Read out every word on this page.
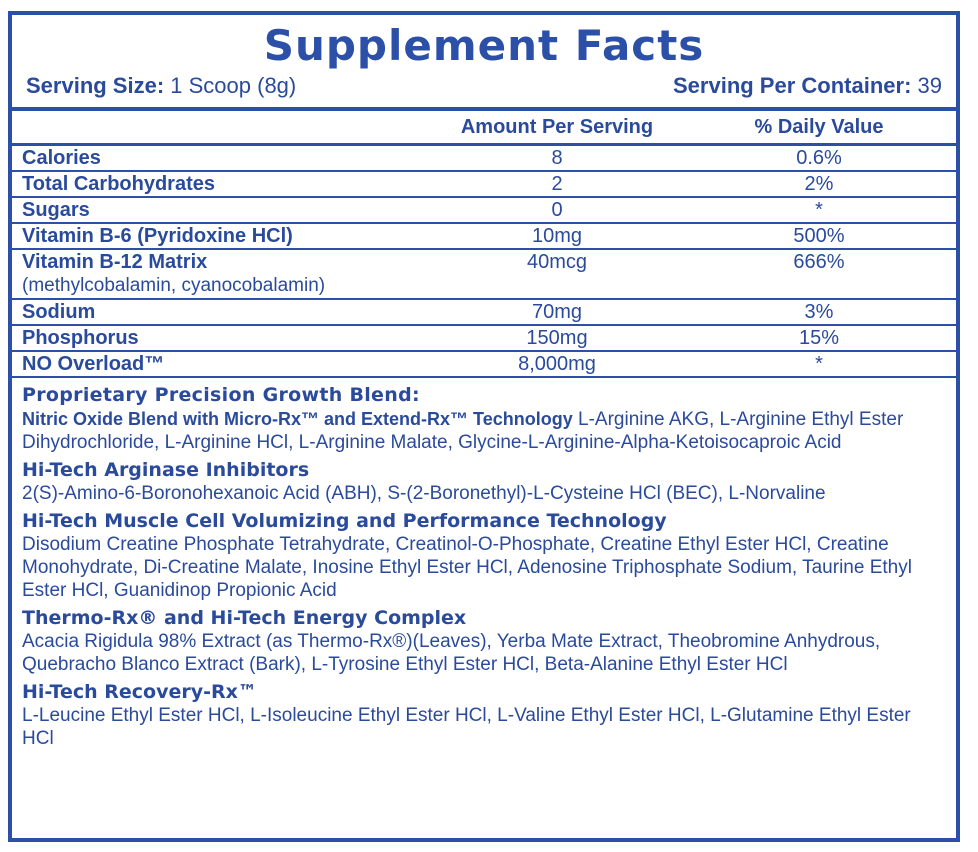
Supplement Facts
Serving Size: 1 Scoop (8g)	Serving Per Container: 39
	Amount Per Serving	% Daily Value
Calories	8	0.6%
Total Carbohydrates	2	2%
Sugars	0	*
Vitamin B-6 (Pyridoxine HCl)	10mg	500%

Vitamin B-12 Matrix
(methylcobalamin, cyanocobalamin)	40mcg	666%
Sodium	70mg	3%
Phosphorus	150mg	15%
NO Overload™	8,000mg	*
Proprietary Precision Growth Blend:
Nitric Oxide Blend with Micro-Rx™ and Extend-Rx™ Technology L-Arginine AKG, L-Arginine Ethyl Ester Dihydrochloride, L-Arginine HCl, L-Arginine Malate, Glycine-L-Arginine-Alpha-Ketoisocaproic Acid
Hi-Tech Arginase Inhibitors
2(S)-Amino-6-Boronohexanoic Acid (ABH), S-(2-Boronethyl)-L-Cysteine HCl (BEC), L-Norvaline
Hi-Tech Muscle Cell Volumizing and Performance Technology
Disodium Creatine Phosphate Tetrahydrate, Creatinol-O-Phosphate, Creatine Ethyl Ester HCl, Creatine Monohydrate, Di-Creatine Malate, Inosine Ethyl Ester HCl, Adenosine Triphosphate Sodium, Taurine Ethyl Ester HCl, Guanidinop Propionic Acid
Thermo-Rx® and Hi-Tech Energy Complex
Acacia Rigidula 98% Extract (as Thermo-Rx®)(Leaves), Yerba Mate Extract, Theobromine Anhydrous, Quebracho Blanco Extract (Bark), L-Tyrosine Ethyl Ester HCl, Beta-Alanine Ethyl Ester HCl
Hi-Tech Recovery-Rx™
L-Leucine Ethyl Ester HCl, L-Isoleucine Ethyl Ester HCl, L-Valine Ethyl Ester HCl, L-Glutamine Ethyl Ester HCl
